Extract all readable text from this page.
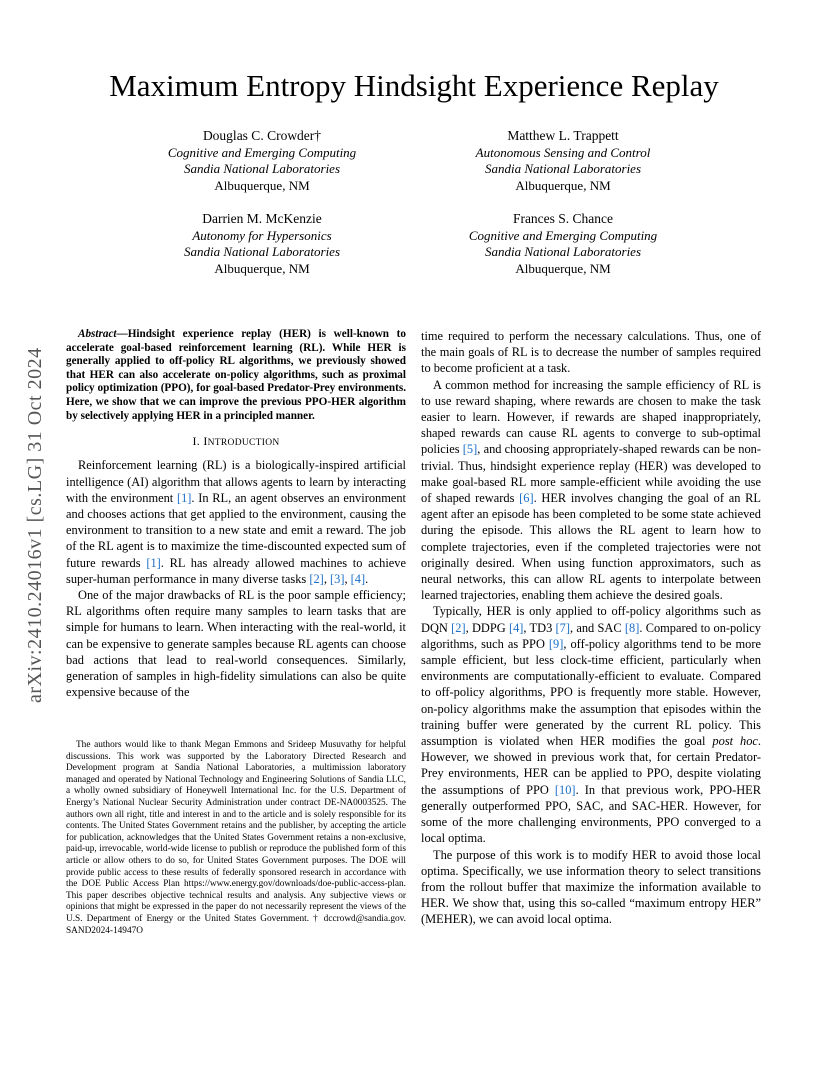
arXiv:2410.24016v1 [cs.LG] 31 Oct 2024
Maximum Entropy Hindsight Experience Replay
Douglas C. Crowder†
Cognitive and Emerging Computing
Sandia National Laboratories
Albuquerque, NM
Matthew L. Trappett
Autonomous Sensing and Control
Sandia National Laboratories
Albuquerque, NM
Darrien M. McKenzie
Autonomy for Hypersonics
Sandia National Laboratories
Albuquerque, NM
Frances S. Chance
Cognitive and Emerging Computing
Sandia National Laboratories
Albuquerque, NM
Abstract—Hindsight experience replay (HER) is well-known to accelerate goal-based reinforcement learning (RL). While HER is generally applied to off-policy RL algorithms, we previously showed that HER can also accelerate on-policy algorithms, such as proximal policy optimization (PPO), for goal-based Predator-Prey environments. Here, we show that we can improve the previous PPO-HER algorithm by selectively applying HER in a principled manner.
I. INTRODUCTION

Reinforcement learning (RL) is a biologically-inspired artificial intelligence (AI) algorithm that allows agents to learn by interacting with the environment [1]. In RL, an agent observes an environment and chooses actions that get applied to the environment, causing the environment to transition to a new state and emit a reward. The job of the RL agent is to maximize the time-discounted expected sum of future rewards [1]. RL has already allowed machines to achieve super-human performance in many diverse tasks [2], [3], [4].

One of the major drawbacks of RL is the poor sample efficiency; RL algorithms often require many samples to learn tasks that are simple for humans to learn. When interacting with the real-world, it can be expensive to generate samples because RL agents can choose bad actions that lead to real-world consequences. Similarly, generation of samples in high-fidelity simulations can also be quite expensive because of the

The authors would like to thank Megan Emmons and Srideep Musuvathy for helpful discussions. This work was supported by the Laboratory Directed Research and Development program at Sandia National Laboratories, a multimission laboratory managed and operated by National Technology and Engineering Solutions of Sandia LLC, a wholly owned subsidiary of Honeywell International Inc. for the U.S. Department of Energy’s National Nuclear Security Administration under contract DE-NA0003525. The authors own all right, title and interest in and to the article and is solely responsible for its contents. The United States Government retains and the publisher, by accepting the article for publication, acknowledges that the United States Government retains a non-exclusive, paid-up, irrevocable, world-wide license to publish or reproduce the published form of this article or allow others to do so, for United States Government purposes. The DOE will provide public access to these results of federally sponsored research in accordance with the DOE Public Access Plan https://www.energy.gov/downloads/doe-public-access-plan. This paper describes objective technical results and analysis. Any subjective views or opinions that might be expressed in the paper do not necessarily represent the views of the U.S. Department of Energy or the United States Government. † dccrowd@sandia.gov. SAND2024-14947O

time required to perform the necessary calculations. Thus, one of the main goals of RL is to decrease the number of samples required to become proficient at a task.

A common method for increasing the sample efficiency of RL is to use reward shaping, where rewards are chosen to make the task easier to learn. However, if rewards are shaped inappropriately, shaped rewards can cause RL agents to converge to sub-optimal policies [5], and choosing appropriately-shaped rewards can be non-trivial. Thus, hindsight experience replay (HER) was developed to make goal-based RL more sample-efficient while avoiding the use of shaped rewards [6]. HER involves changing the goal of an RL agent after an episode has been completed to be some state achieved during the episode. This allows the RL agent to learn how to complete trajectories, even if the completed trajectories were not originally desired. When using function approximators, such as neural networks, this can allow RL agents to interpolate between learned trajectories, enabling them achieve the desired goals.

Typically, HER is only applied to off-policy algorithms such as DQN [2], DDPG [4], TD3 [7], and SAC [8]. Compared to on-policy algorithms, such as PPO [9], off-policy algorithms tend to be more sample efficient, but less clock-time efficient, particularly when environments are computationally-efficient to evaluate. Compared to off-policy algorithms, PPO is frequently more stable. However, on-policy algorithms make the assumption that episodes within the training buffer were generated by the current RL policy. This assumption is violated when HER modifies the goal post hoc. However, we showed in previous work that, for certain Predator-Prey environments, HER can be applied to PPO, despite violating the assumptions of PPO [10]. In that previous work, PPO-HER generally outperformed PPO, SAC, and SAC-HER. However, for some of the more challenging environments, PPO converged to a local optima.

The purpose of this work is to modify HER to avoid those local optima. Specifically, we use information theory to select transitions from the rollout buffer that maximize the information available to HER. We show that, using this so-called “maximum entropy HER” (MEHER), we can avoid local optima.
